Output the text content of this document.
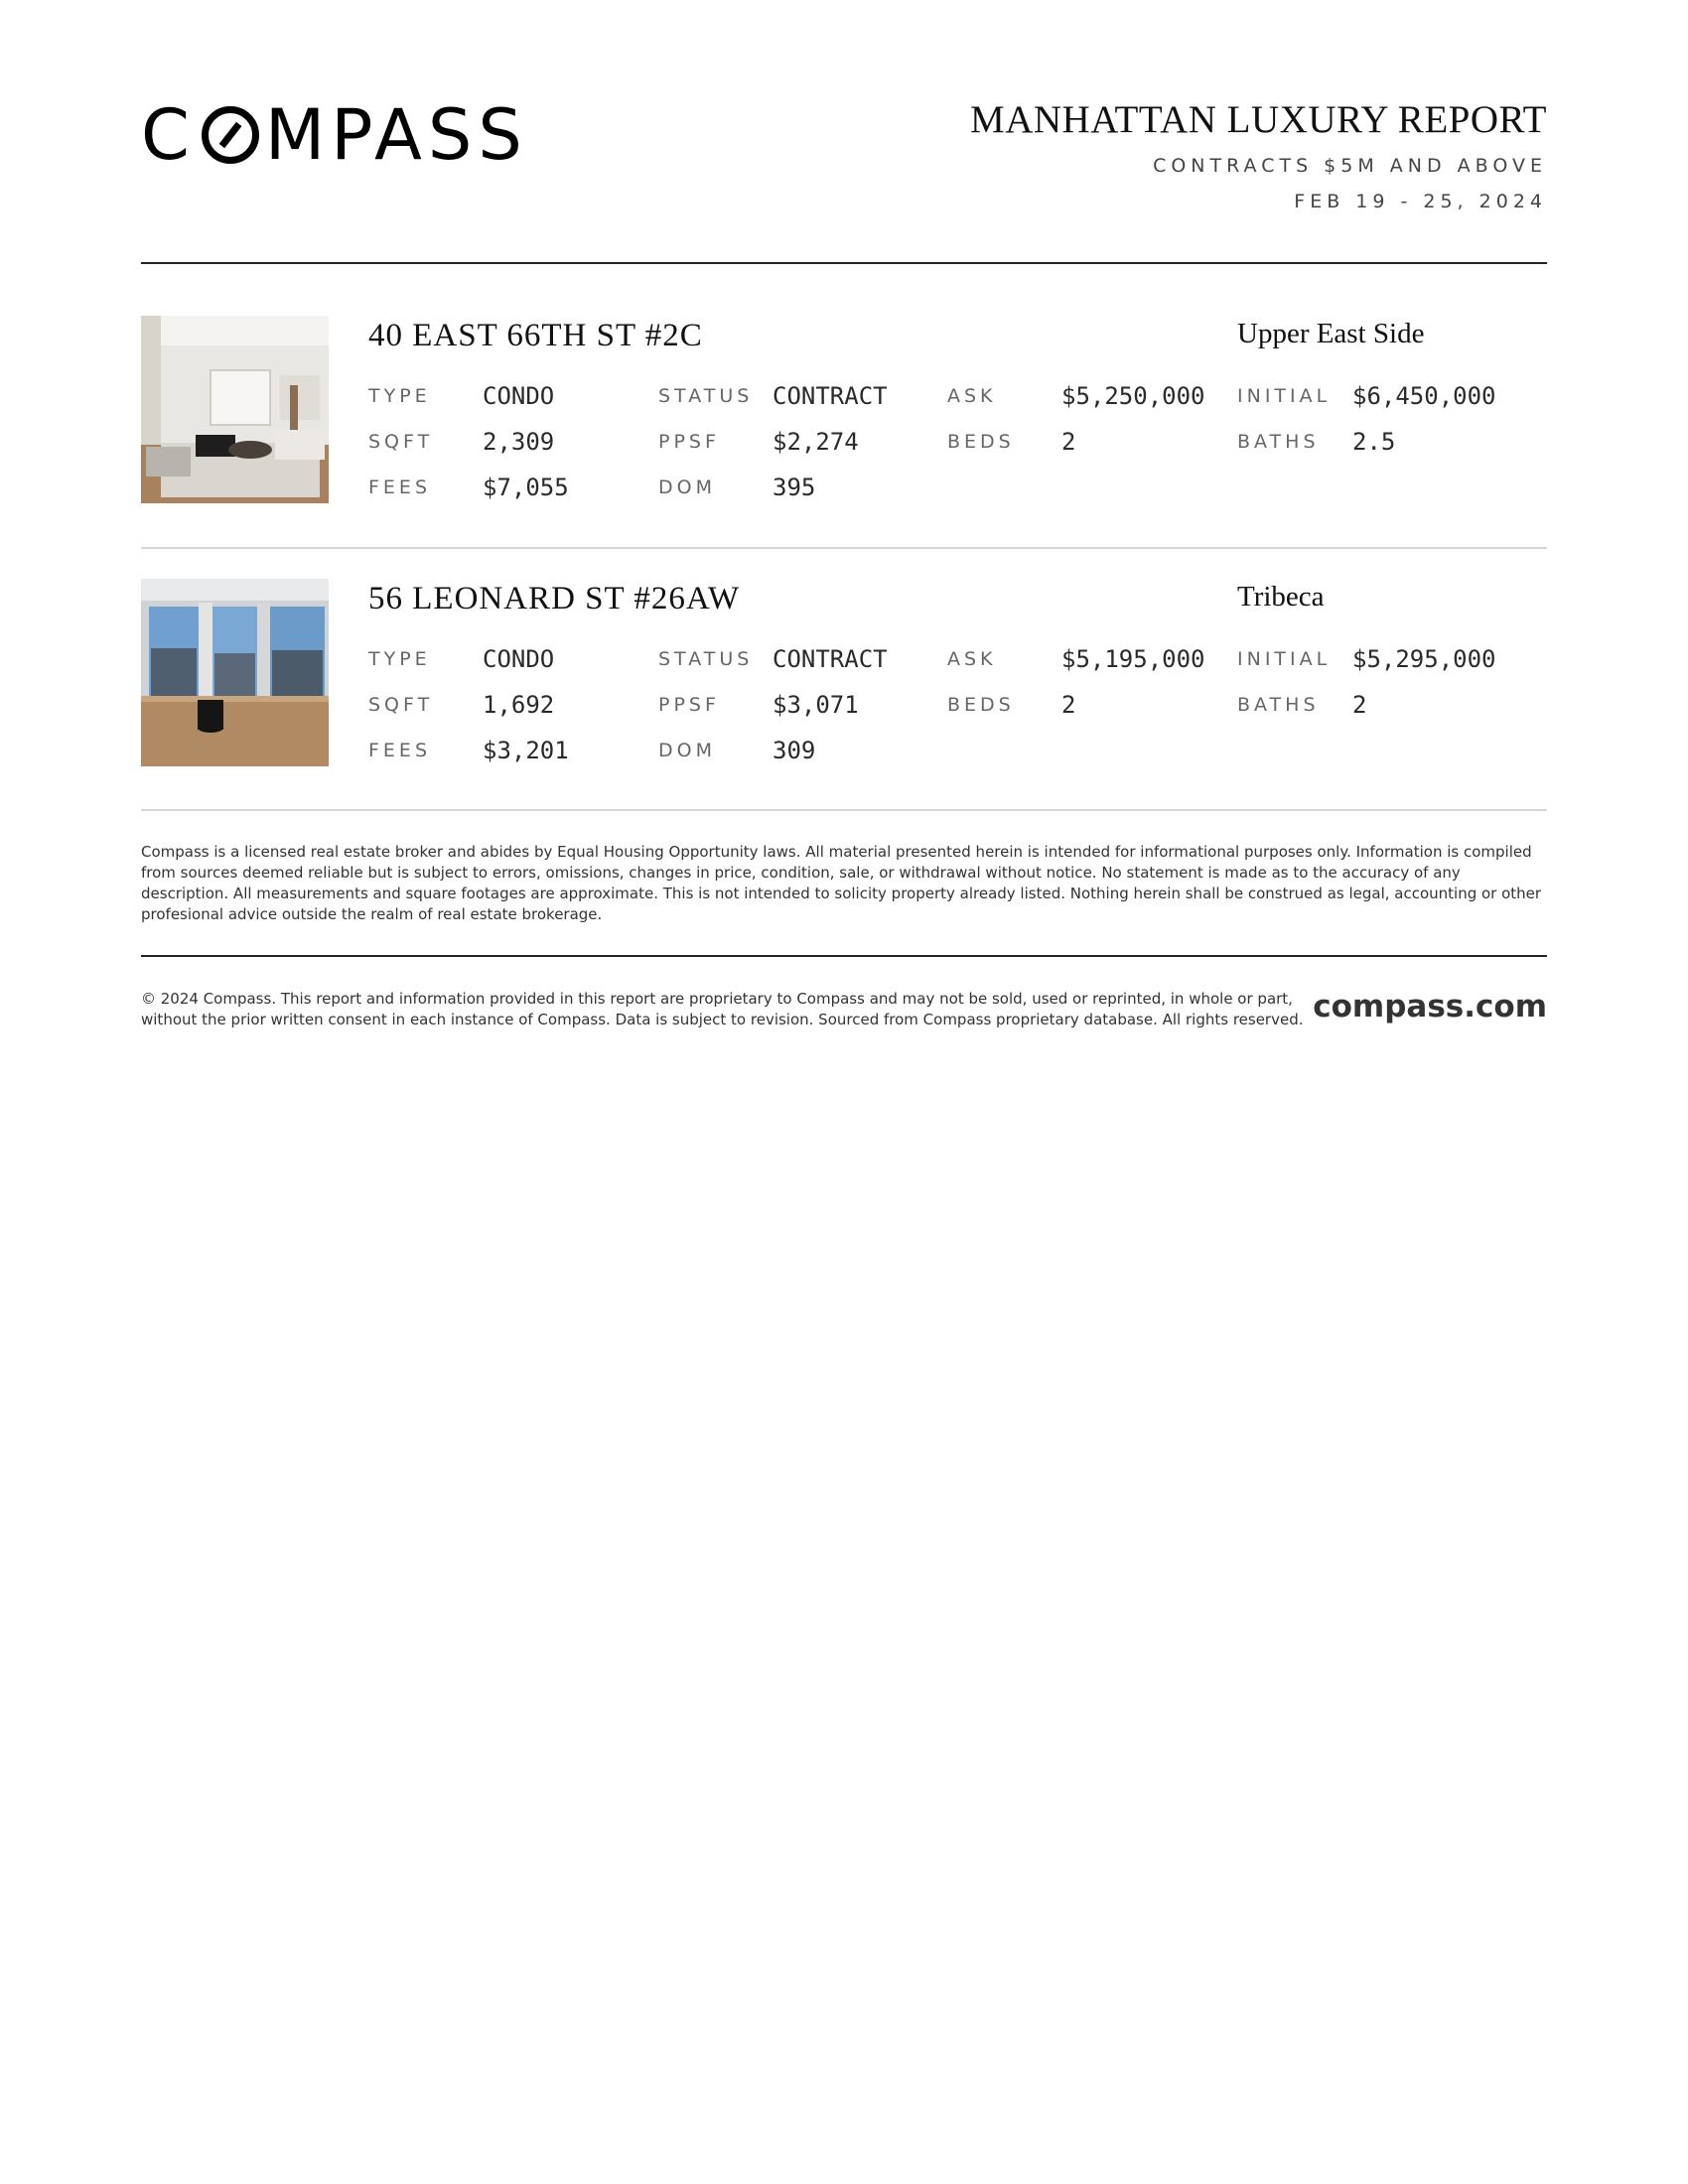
C MPASS	MANHATTAN LUXURY REPORT
CONTRACTS $5M AND ABOVE
FEB 19 - 25, 2024
40 EAST 66TH ST #2C	Upper East Side
TYPE CONDO	STATUS CONTRACT	ASK	$5,250,000 INITIAL $6,450,000
SQFT 2,309	PPSF $2,274	BEDS 2	BATHS 2.5
FEES $7,055	DOM 395
56 LEONARD ST #26AW	Tribeca
TYPE CONDO	STATUS CONTRACT	ASK	$5,195,000 INITIAL $5,295,000
SQFT 1,692	PPSF $3,071	BEDS 2	BATHS 2
FEES $3,201	DOM 309
Compass is a licensed real estate broker and abides by Equal Housing Opportunity laws. All material presented herein is intended for informational purposes only. Information is compiled from sources deemed reliable but is subject to errors, omissions, changes in price, condition, sale, or withdrawal without notice. No statement is made as to the accuracy of any description. All measurements and square footages are approximate. This is not intended to solicity property already listed. Nothing herein shall be construed as legal, accounting or other profesional advice outside the realm of real estate brokerage.
© 2024 Compass. This report and information provided in this report are proprietary to Compass and may not be sold, used or reprinted, in whole or part, without the prior written consent in each instance of Compass. Data is subject to revision. Sourced from Compass proprietary database. All rights reserved. compass.com
